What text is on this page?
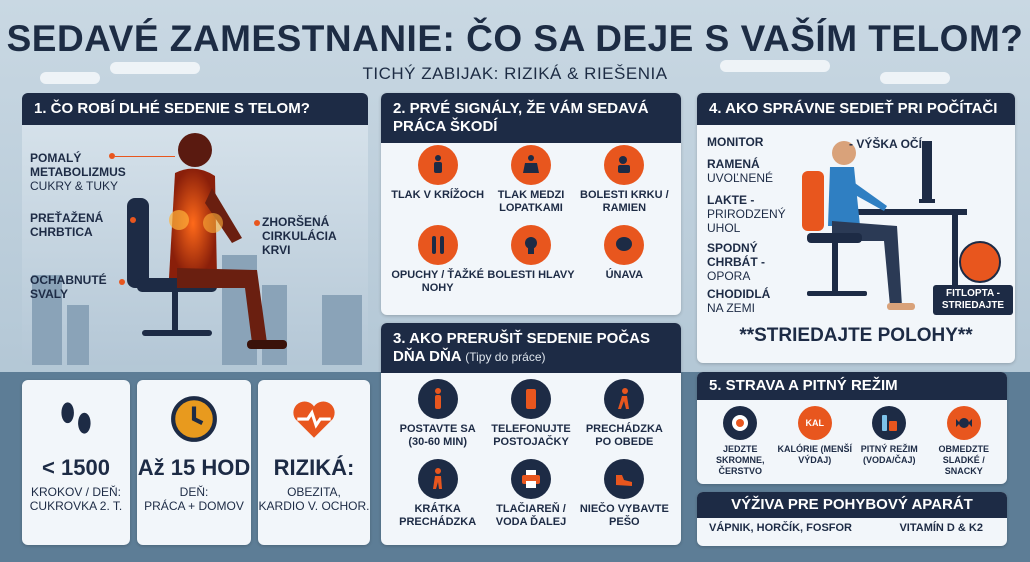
SEDAVÉ ZAMESTNANIE: ČO SA DEJE S VAŠÍM TELOM?
TICHÝ ZABIJAK: RIZIKÁ & RIEŠENIA
1. ČO ROBÍ DLHÉ SEDENIE S TELOM?
POMALÝ METABOLIZMUS
CUKRY & TUKY
PREŤAŽENÁ CHRBTICA
OCHABNUTÉ SVALY
ZHORŠENÁ CIRKULÁCIA KRVI
2. PRVÉ SIGNÁLY, ŽE VÁM SEDAVÁ PRÁCA ŠKODÍ
TLAK V KRÍŽOCH	TLAK MEDZI LOPATKAMI
BOLESTI KRKU / RAMIEN
OPUCHY / ŤAŽKÉ NOHY
BOLESTI HLAVY	ÚNAVA
3. AKO PRERUŠIŤ SEDENIE POČAS DŇA DŇA (Tipy do práce)
POSTAVTE SA (30-60 MIN)
TELEFONUJTE POSTOJAČKY
PRECHÁDZKA PO OBEDE
KRÁTKA PRECHÁDZKA
TLAČIAREŇ / VODA ĎALEJ
NIEČO VYBAVTE PEŠO
4. AKO SPRÁVNE SEDIEŤ PRI POČÍTAČI
MONITOR	- VÝŠKA OČÍ
RAMENÁ
UVOĽNENÉ
LAKTE -
PRIRODZENÝ UHOL
SPODNÝ CHRBÁT -
OPORA
CHODIDLÁ
NA ZEMI
FITLOPTA - STRIEDAJTE
**STRIEDAJTE POLOHY**
5. STRAVA A PITNÝ REŽIM
JEDZTE SKROMNE, ČERSTVO
KAL
KALÓRIE (MENŠÍ VÝDAJ)
PITNÝ REŽIM (VODA/ČAJ)
OBMEDZTE SLADKÉ / SNACKY
VÝŽIVA PRE POHYBOVÝ APARÁT
VÁPNIK, HORČÍK, FOSFOR	VITAMÍN D & K2
< 1500
KROKOV / DEŇ:
CUKROVKA 2. T.
Až 15 HOD
DEŇ:
PRÁCA + DOMOV
RIZIKÁ:
OBEZITA,
KARDIO V. OCHOR.
